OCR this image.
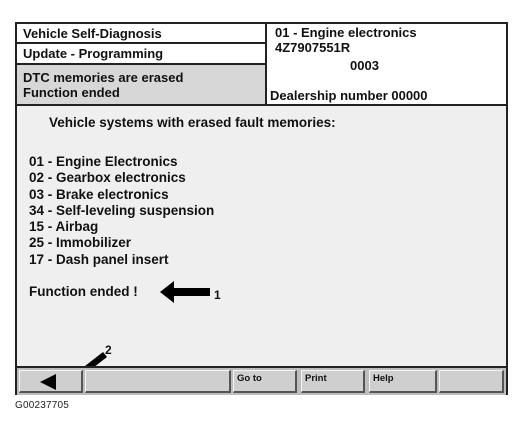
Vehicle Self-Diagnosis
Update - Programming
DTC memories are erased
Function ended
01 - Engine electronics
4Z7907551R
0003
Dealership number 00000
Vehicle systems with erased fault memories:
01 - Engine Electronics
02 - Gearbox electronics
03 - Brake electronics
34 - Self-leveling suspension
15 - Airbag
25 - Immobilizer
17 - Dash panel insert
Function ended !	1
2
Go to	Print	Help
G00237705
